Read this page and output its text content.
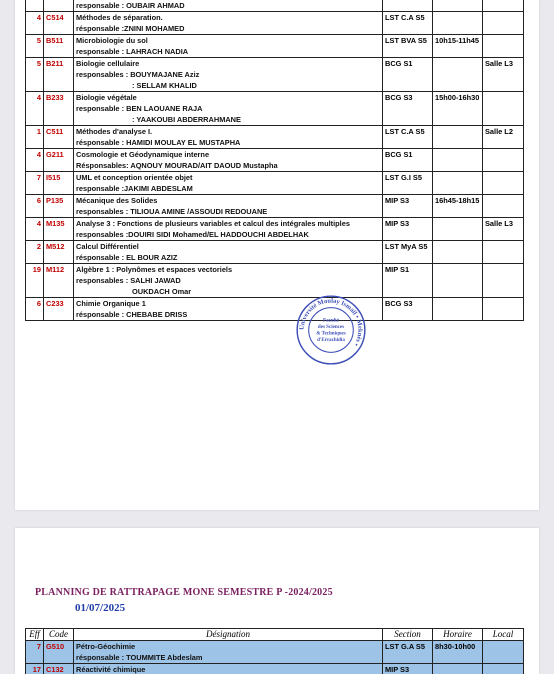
		responsable : OUBAIR AHMAD			

4	C514	Méthodes de séparation.
résponsable :ZNINI MOHAMED	LST C.A S5		
5	B511	Microbiologie du sol
responsable : LAHRACH NADIA	LST BVA S5	10h15-11h45	
5	B211	Biologie cellulaire
responsables : BOUYMAJANE Aziz
: SELLAM KHALID	BCG S1		Salle L3
4	B233	Biologie végétale
responsable : BEN LAOUANE RAJA
: YAAKOUBI ABDERRAHMANE	BCG S3	15h00-16h30	
1	C511	Méthodes d'analyse I.
résponsable : HAMIDI MOULAY EL MUSTAPHA	LST C.A S5		Salle L2
4	G211	Cosmologie et Géodynamique interne
Résponsables: AQNOUY MOURAD/AIT DAOUD Mustapha	BCG S1		
7	I515	UML et conception orientée objet
responsable :JAKIMI ABDESLAM	LST G.I S5		
6	P135	Mécanique des Solides
responsables : TILIOUA AMINE /ASSOUDI REDOUANE	MIP S3	16h45-18h15	
4	M135	Analyse 3 : Fonctions de plusieurs variables et calcul des intégrales multiples
responsables :DOUIRI SIDI Mohamed/EL HADDOUCHI ABDELHAK	MIP S3		Salle L3
2	M512	Calcul Différentiel
résponsable : EL BOUR AZIZ	LST MyA S5		
19	M112	Algèbre 1 : Polynômes et espaces vectoriels
responsables : SALHI JAWAD
OUKDACH Omar	MIP S1		
6	C233	Chimie Organique 1
résponsable : CHEBABE DRISS	BCG S3		
Université Moulay Ismaïl • Meknès •
Faculté
des Sciences
& Techniques
d'Errachidia
PLANNING DE RATTRAPAGE MONE SEMESTRE P -2024/2025
01/07/2025
Eff	Code	Désignation	Section	Horaire	Local
7	G510	Pétro-Géochimie
résponsable : TOUMMITE Abdeslam	LST G.A S5	8h30-10h00	
17	C132	Réactivité chimique	MIP S3		
